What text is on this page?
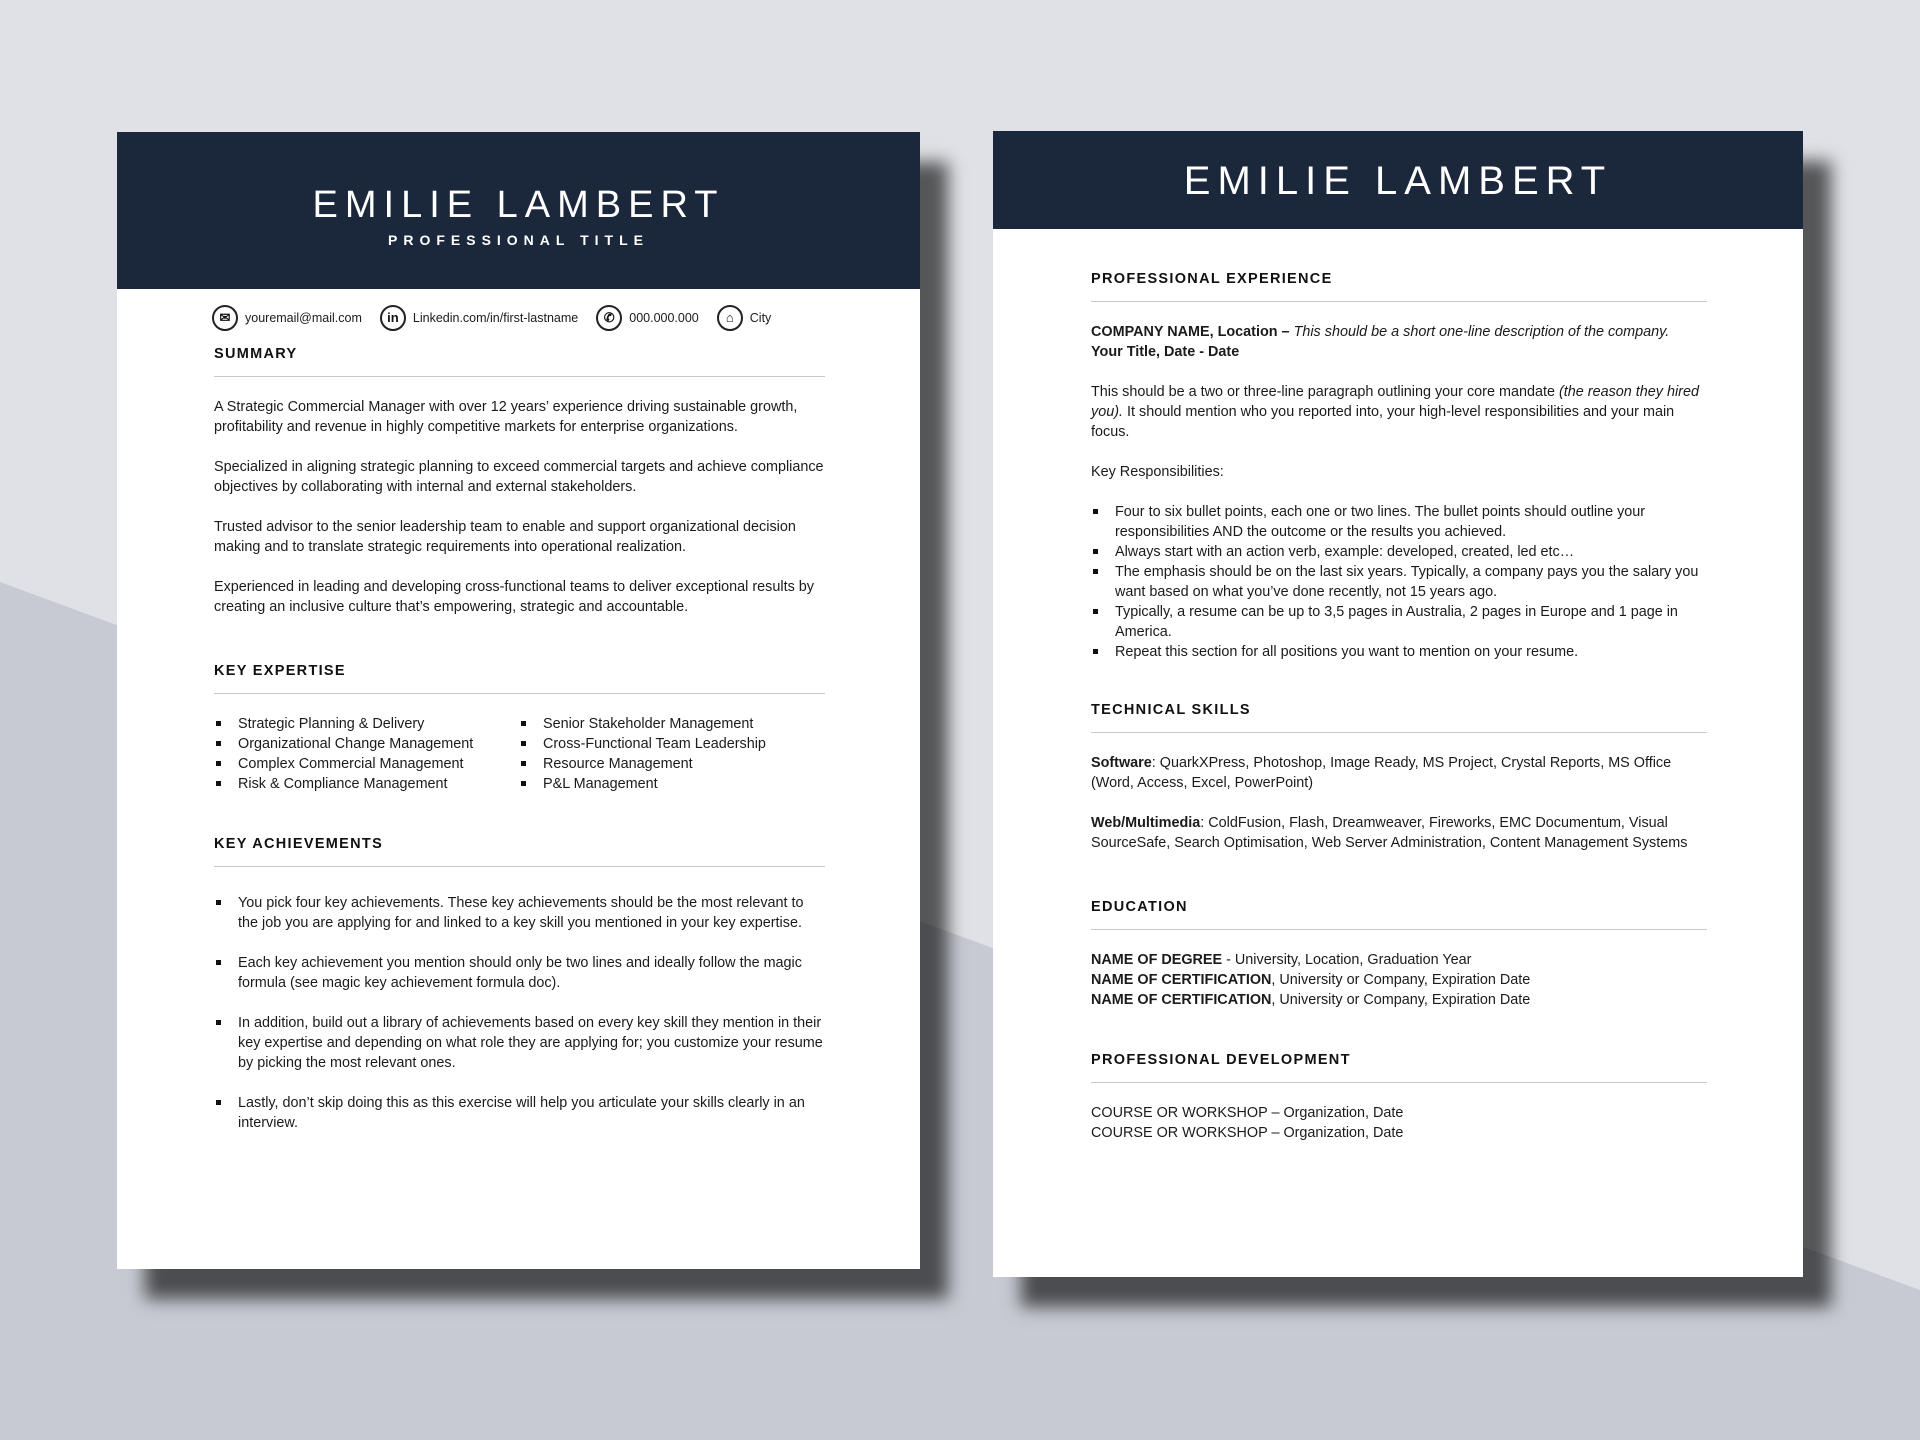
EMILIE LAMBERT
PROFESSIONAL TITLE
✉	youremail@mail.com	in	Linkedin.com/in/first-lastname	✆	000.000.000	⌂	City
SUMMARY

A Strategic Commercial Manager with over 12 years’ experience driving sustainable growth, profitability and revenue in highly competitive markets for enterprise organizations.

Specialized in aligning strategic planning to exceed commercial targets and achieve compliance objectives by collaborating with internal and external stakeholders.

Trusted advisor to the senior leadership team to enable and support organizational decision making and to translate strategic requirements into operational realization.

Experienced in leading and developing cross-functional teams to deliver exceptional results by creating an inclusive culture that’s empowering, strategic and accountable.

KEY EXPERTISE
Strategic Planning & Delivery
Organizational Change Management
Complex Commercial Management
Risk & Compliance Management
Senior Stakeholder Management
Cross-Functional Team Leadership
Resource Management
P&L Management
KEY ACHIEVEMENTS
You pick four key achievements. These key achievements should be the most relevant to the job you are applying for and linked to a key skill you mentioned in your key expertise.
Each key achievement you mention should only be two lines and ideally follow the magic formula (see magic key achievement formula doc).
In addition, build out a library of achievements based on every key skill they mention in their key expertise and depending on what role they are applying for; you customize your resume by picking the most relevant ones.
Lastly, don’t skip doing this as this exercise will help you articulate your skills clearly in an interview.
EMILIE LAMBERT
PROFESSIONAL EXPERIENCE
COMPANY NAME, Location – This should be a short one-line description of the company.
Your Title, Date - Date

This should be a two or three-line paragraph outlining your core mandate (the reason they hired you). It should mention who you reported into, your high-level responsibilities and your main focus.

Key Responsibilities:

Four to six bullet points, each one or two lines. The bullet points should outline your responsibilities AND the outcome or the results you achieved.
Always start with an action verb, example: developed, created, led etc…
The emphasis should be on the last six years. Typically, a company pays you the salary you want based on what you’ve done recently, not 15 years ago.
Typically, a resume can be up to 3,5 pages in Australia, 2 pages in Europe and 1 page in America.
Repeat this section for all positions you want to mention on your resume.
TECHNICAL SKILLS

Software: QuarkXPress, Photoshop, Image Ready, MS Project, Crystal Reports, MS Office (Word, Access, Excel, PowerPoint)

Web/Multimedia: ColdFusion, Flash, Dreamweaver, Fireworks, EMC Documentum, Visual SourceSafe, Search Optimisation, Web Server Administration, Content Management Systems

EDUCATION
NAME OF DEGREE - University, Location, Graduation Year
NAME OF CERTIFICATION, University or Company, Expiration Date
NAME OF CERTIFICATION, University or Company, Expiration Date
PROFESSIONAL DEVELOPMENT
COURSE OR WORKSHOP – Organization, Date
COURSE OR WORKSHOP – Organization, Date
